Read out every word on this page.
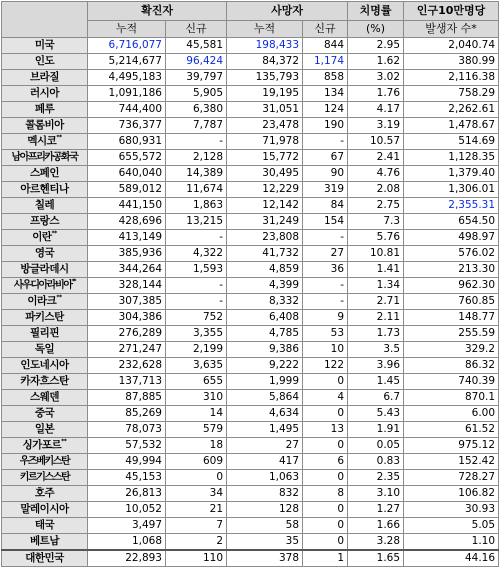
	확진자		사망자		치명률	인구10만명당
	누적	신규	누적	신규	(%)	발생자 수*
미국	6,716,077	45,581	198,433	844	2.95	2,040.74
인도	5,214,677	96,424	84,372	1,174	1.62	380.99
브라질	4,495,183	39,797	135,793	858	3.02	2,116.38
러시아	1,091,186	5,905	19,195	134	1.76	758.29
페루	744,400	6,380	31,051	124	4.17	2,262.61
콜롬비아	736,377	7,787	23,478	190	3.19	1,478.67
멕시코**	680,931	-	71,978	-	10.57	514.69
남아프리카공화국	655,572	2,128	15,772	67	2.41	1,128.35
스페인	640,040	14,389	30,495	90	4.76	1,379.40
아르헨티나	589,012	11,674	12,229	319	2.08	1,306.01
칠레	441,150	1,863	12,142	84	2.75	2,355.31
프랑스	428,696	13,215	31,249	154	7.3	654.50
이란**	413,149	-	23,808	-	5.76	498.97
영국	385,936	4,322	41,732	27	10.81	576.02
방글라데시	344,264	1,593	4,859	36	1.41	213.30
사우디아라비아**	328,144	-	4,399	-	1.34	962.30
이라크**	307,385	-	8,332	-	2.71	760.85
파키스탄	304,386	752	6,408	9	2.11	148.77
필리핀	276,289	3,355	4,785	53	1.73	255.59
독일	271,247	2,199	9,386	10	3.5	329.2
인도네시아	232,628	3,635	9,222	122	3.96	86.32
카자흐스탄	137,713	655	1,999	0	1.45	740.39
스웨덴	87,885	310	5,864	4	6.7	870.1
중국	85,269	14	4,634	0	5.43	6.00
일본	78,073	579	1,495	13	1.91	61.52
싱가포르**	57,532	18	27	0	0.05	975.12
우즈베키스탄	49,994	609	417	6	0.83	152.42
키르기스스탄	45,153	0	1,063	0	2.35	728.27
호주	26,813	34	832	8	3.10	106.82
말레이시아	10,052	21	128	0	1.27	30.93
태국	3,497	7	58	0	1.66	5.05
베트남	1,068	2	35	0	3.28	1.10
대한민국	22,893	110	378	1	1.65	44.16
